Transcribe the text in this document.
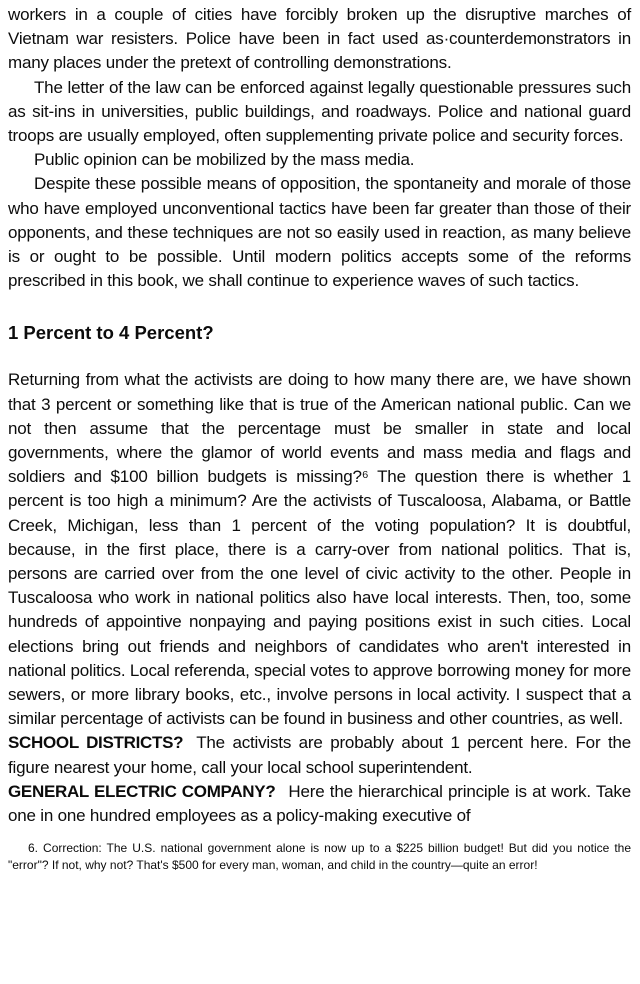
workers in a couple of cities have forcibly broken up the disruptive marches of Vietnam war resisters. Police have been in fact used as·counterdemonstrators in many places under the pretext of controlling demonstrations.

The letter of the law can be enforced against legally questionable pressures such as sit-ins in universities, public buildings, and roadways. Police and national guard troops are usually employed, often supplementing private police and security forces.

Public opinion can be mobilized by the mass media.

Despite these possible means of opposition, the spontaneity and morale of those who have employed unconventional tactics have been far greater than those of their opponents, and these techniques are not so easily used in reaction, as many believe is or ought to be possible. Until modern politics accepts some of the reforms prescribed in this book, we shall continue to experience waves of such tactics.

1 Percent to 4 Percent?

Returning from what the activists are doing to how many there are, we have shown that 3 percent or something like that is true of the American national public. Can we not then assume that the percentage must be smaller in state and local governments, where the glamor of world events and mass media and flags and soldiers and $100 billion budgets is missing?⁶ The question there is whether 1 percent is too high a minimum? Are the activists of Tuscaloosa, Alabama, or Battle Creek, Michigan, less than 1 percent of the voting population? It is doubtful, because, in the first place, there is a carry-over from national politics. That is, persons are carried over from the one level of civic activity to the other. People in Tuscaloosa who work in national politics also have local interests. Then, too, some hundreds of appointive nonpaying and paying positions exist in such cities. Local elections bring out friends and neighbors of candidates who aren't interested in national politics. Local referenda, special votes to approve borrowing money for more sewers, or more library books, etc., involve persons in local activity. I suspect that a similar percentage of activists can be found in business and other countries, as well.

SCHOOL DISTRICTS? The activists are probably about 1 percent here. For the figure nearest your home, call your local school superintendent.

GENERAL ELECTRIC COMPANY? Here the hierarchical principle is at work. Take one in one hundred employees as a policy-making executive of

6. Correction: The U.S. national government alone is now up to a $225 billion budget! But did you notice the "error"? If not, why not? That's $500 for every man, woman, and child in the country—quite an error!
